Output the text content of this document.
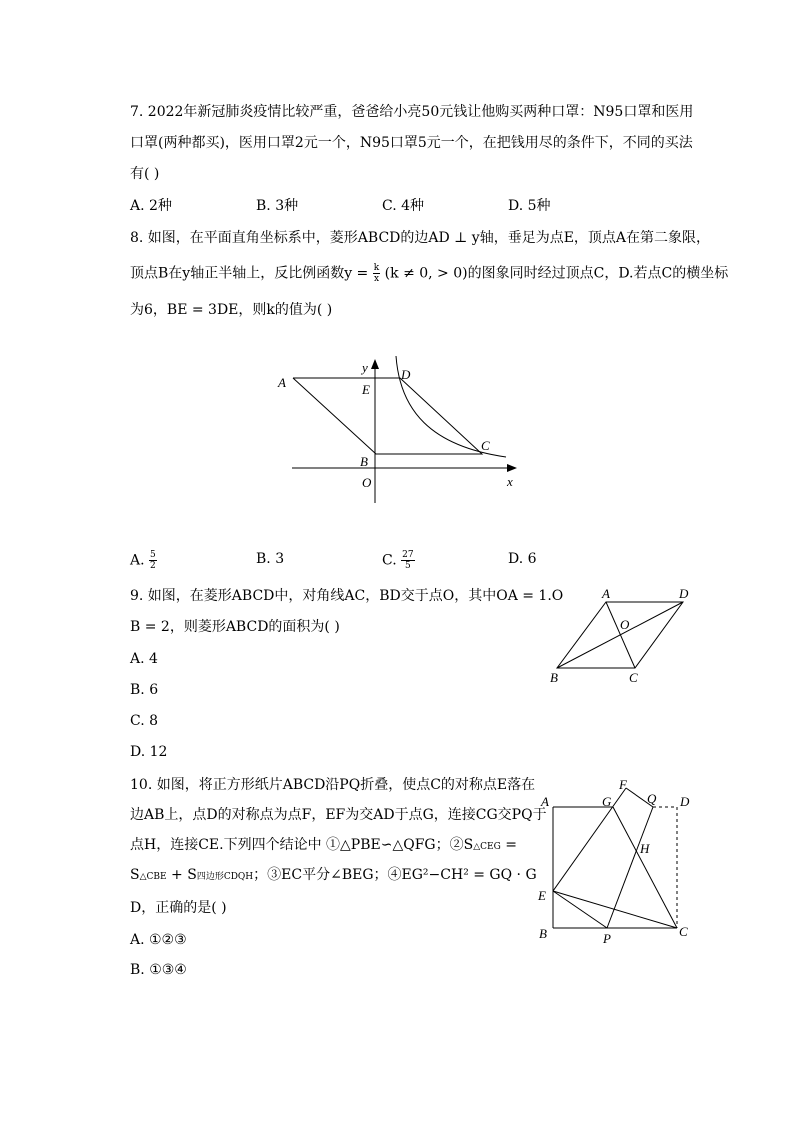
7. 2022年新冠肺炎疫情比较严重，爸爸给小亮50元钱让他购买两种口罩：N95口罩和医用
口罩(两种都买)，医用口罩2元一个，N95口罩5元一个，在把钱用尽的条件下，不同的买法
有( )
A. 2种	B. 3种	C. 4种	D. 5种
8. 如图，在平面直角坐标系中，菱形ABCD的边AD ⊥ y轴，垂足为点E，顶点A在第二象限，
顶点B在y轴正半轴上，反比例函数$y = \frac{k}{x} (k \ne 0$, > 0)的图象同时经过顶点C，D.若点C的横坐标
为6，BE = 3DE，则k的值为( )
A	E
D
C
B
O	x
y
A. $\frac{5}{2}$	B. 3	C. $\frac{27}{5}$	D. 6
9. 如图，在菱形ABCD中，对角线AC，BD交于点O，其中OA = 1.O
B = 2，则菱形ABCD的面积为( )
A. 4
B. 6
C. 8
D. 12
A	D
O
B	C
10. 如图，将正方形纸片ABCD沿PQ折叠，使点C的对称点E落在
边AB上，点D的对称点为点F，EF为交AD于点G，连接CG交PQ于
点H，连接CE.下列四个结论中 ①△PBE∽△QFG；②S△CEG =
S△CBE + S四边形CDQH；③EC平分∠BEG；④EG²−CH² = GQ · G
D，正确的是( )
A. ①②③
B. ①③④
A	G
F
Q D
H
E
B	P	C
